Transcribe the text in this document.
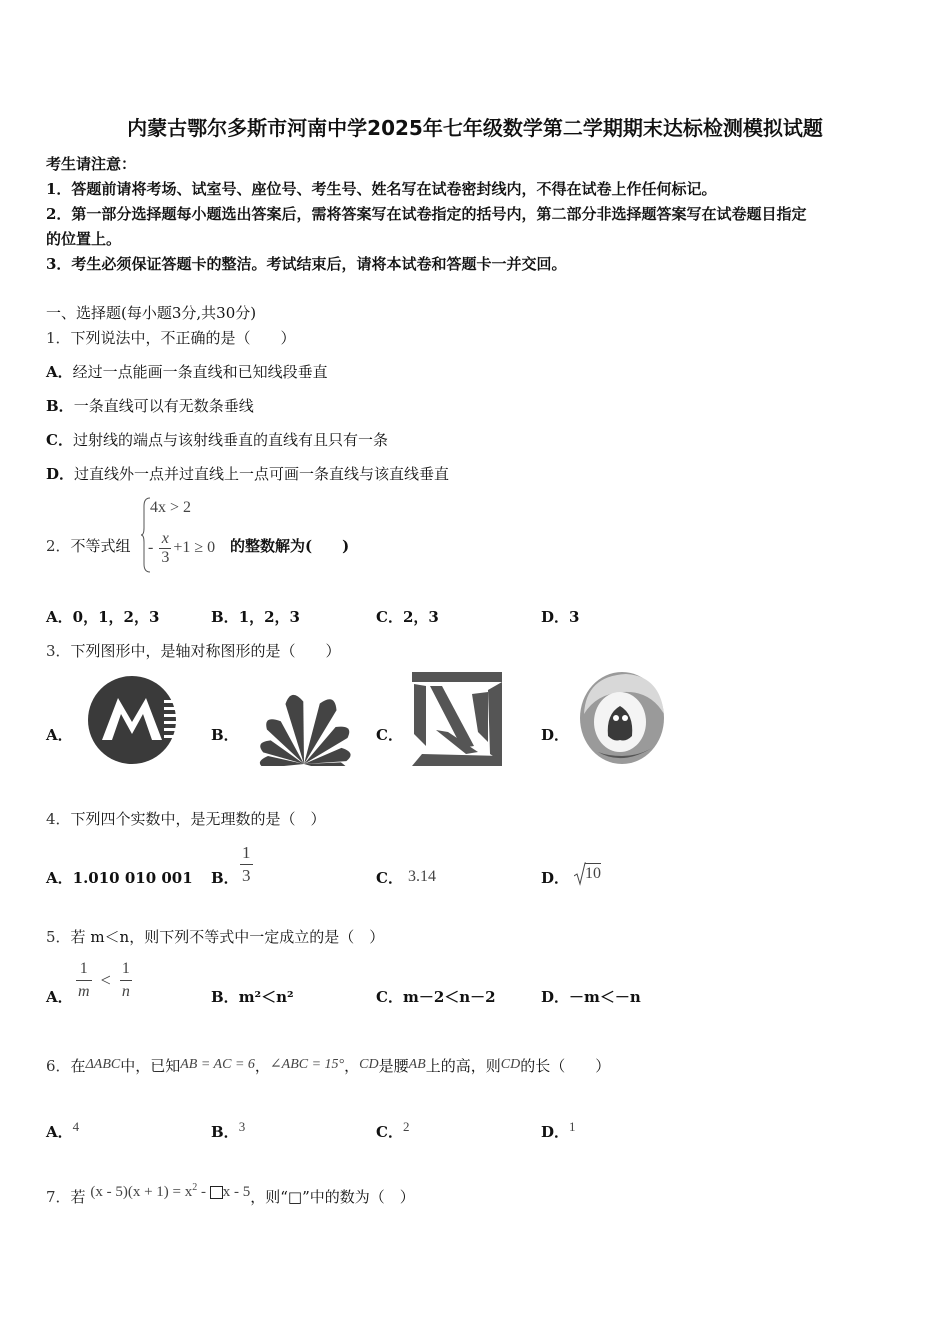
内蒙古鄂尔多斯市河南中学2025年七年级数学第二学期期末达标检测模拟试题
考生请注意：
1．答题前请将考场、试室号、座位号、考生号、姓名写在试卷密封线内，不得在试卷上作任何标记。
2．第一部分选择题每小题选出答案后，需将答案写在试卷指定的括号内，第二部分非选择题答案写在试卷题目指定
的位置上。
3．考生必须保证答题卡的整洁。考试结束后，请将本试卷和答题卡一并交回。
一、选择题(每小题3分,共30分)
1．下列说法中，不正确的是（　　）
A．经过一点能画一条直线和已知线段垂直
B．一条直线可以有无数条垂线
C．过射线的端点与该射线垂直的直线有且只有一条
D．过直线外一点并过直线上一点可画一条直线与该直线垂直
2．不等式组
4x > 2
- $\frac{x}{3} +1 \ge 0$ 的整数解为(　　)
A．0，1，2，3	B．1，2，3	C．2，3	D．3
3．下列图形中，是轴对称图形的是（　　）
A．	B．	C．	D．
4．下列四个实数中，是无理数的是（　）
A．1.010 010 001 B． $\frac{1}{3}$	C． 3.14	D． 10
5．若 m＜n，则下列不等式中一定成立的是（　）
A． $\frac{1}{m} < \frac{1}{n}$	B．m²＜n²	C．m－2＜n－2	D．－m＜－n
6．在ΔABC中，已知AB = AC = 6，∠ABC = 15°，CD是腰AB上的高，则CD的长（　　）
A．4	B．3	C．2	D．1
7．若 $(x - 5)(x + 1) = x^2 - x - 5$，则“□”中的数为（　）
